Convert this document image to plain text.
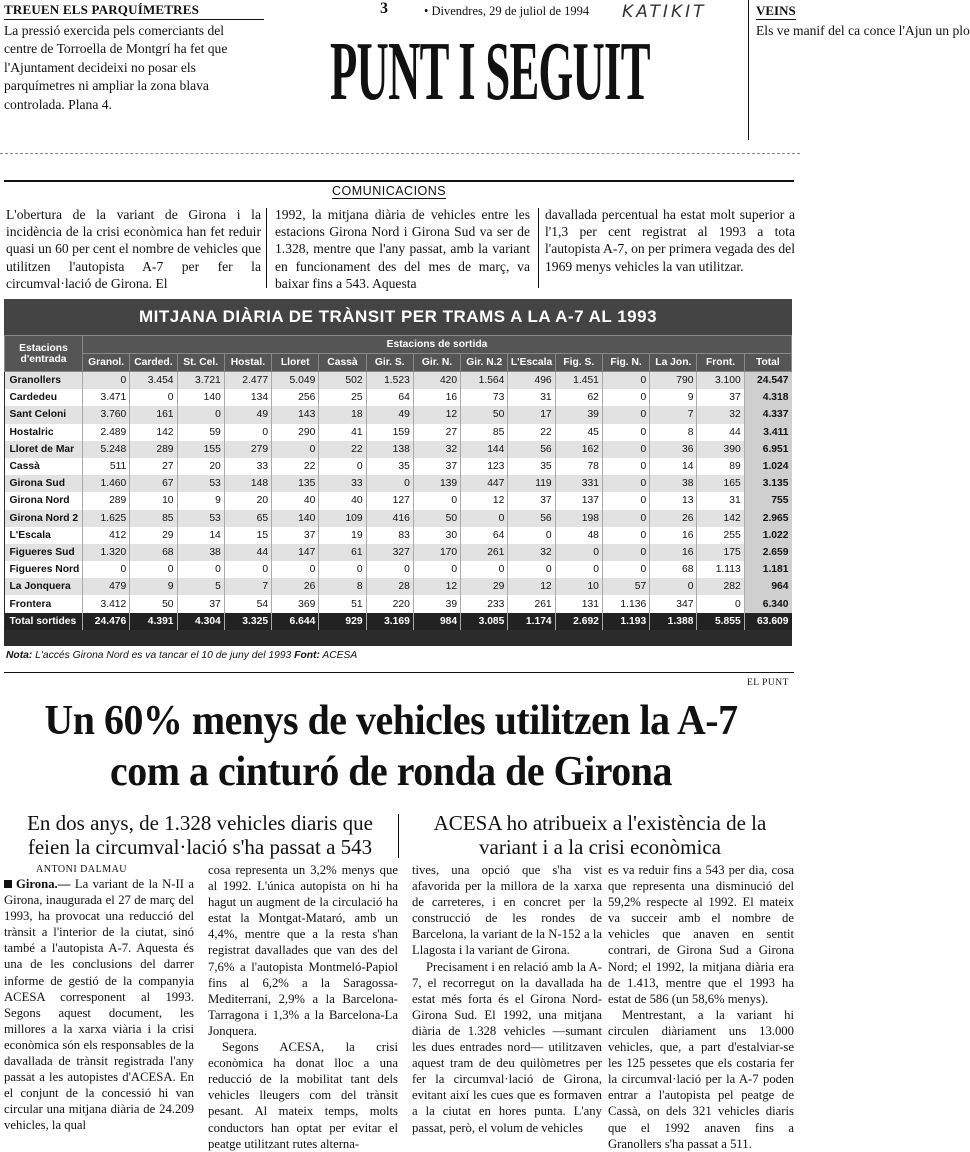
TREUEN ELS PARQUÍMETRES
La pressió exercida pels comerciants del centre de Torroella de Montgrí ha fet que l'Ajuntament decideixi no posar els parquímetres ni ampliar la zona blava controlada. Plana 4.
3	• Divendres, 29 de juliol de 1994 KATIKIT
PUNT I SEGUIT
VEINS
Els ve manif del ca conce l'Ajun un plo
COMUNICACIONS
L'obertura de la variant de Girona i la incidència de la crisi econòmica han fet reduir quasi un 60 per cent el nombre de vehicles que utilitzen l'autopista A-7 per fer la circumval·lació de Girona. El
1992, la mitjana diària de vehicles entre les estacions Girona Nord i Girona Sud va ser de 1.328, mentre que l'any passat, amb la variant en funcionament des del mes de març, va baixar fins a 543. Aquesta
davallada percentual ha estat molt superior a l'1,3 per cent registrat al 1993 a tota l'autopista A-7, on per primera vegada des del 1969 menys vehicles la van utilitzar.
MITJANA DIÀRIA DE TRÀNSIT PER TRAMS A LA A-7 AL 1993
Estacions d'entrada	Estacions de sortida														
	Granol.	Carded.	St. Cel.	Hostal.	Lloret	Cassà	Gir. S.	Gir. N.	Gir. N.2	L'Escala	Fig. S.	Fig. N.	La Jon.	Front.	Total
Granollers	0	3.454	3.721	2.477	5.049	502	1.523	420	1.564	496	1.451	0	790	3.100	24.547
Cardedeu	3.471	0	140	134	256	25	64	16	73	31	62	0	9	37	4.318
Sant Celoni	3.760	161	0	49	143	18	49	12	50	17	39	0	7	32	4.337
Hostalric	2.489	142	59	0	290	41	159	27	85	22	45	0	8	44	3.411
Lloret de Mar	5.248	289	155	279	0	22	138	32	144	56	162	0	36	390	6.951
Cassà	511	27	20	33	22	0	35	37	123	35	78	0	14	89	1.024
Girona Sud	1.460	67	53	148	135	33	0	139	447	119	331	0	38	165	3.135
Girona Nord	289	10	9	20	40	40	127	0	12	37	137	0	13	31	755
Girona Nord 2	1.625	85	53	65	140	109	416	50	0	56	198	0	26	142	2.965
L'Escala	412	29	14	15	37	19	83	30	64	0	48	0	16	255	1.022
Figueres Sud	1.320	68	38	44	147	61	327	170	261	32	0	0	16	175	2.659
Figueres Nord	0	0	0	0	0	0	0	0	0	0	0	0	68	1.113	1.181
La Jonquera	479	9	5	7	26	8	28	12	29	12	10	57	0	282	964
Frontera	3.412	50	37	54	369	51	220	39	233	261	131	1.136	347	0	6.340
Total sortides	24.476	4.391	4.304	3.325	6.644	929	3.169	984	3.085	1.174	2.692	1.193	1.388	5.855	63.609
Nota: L'accés Girona Nord es va tancar el 10 de juny del 1993 Font: ACESA
EL PUNT
Un 60% menys de vehicles utilitzen la A-7 com a cinturó de ronda de Girona
En dos anys, de 1.328 vehicles diaris que feien la circumval·lació s'ha passat a 543
ACESA ho atribueix a l'existència de la variant i a la crisi econòmica
ANTONI DALMAU

Girona.— La variant de la N-II a Girona, inaugurada el 27 de març del 1993, ha provocat una reducció del trànsit a l'interior de la ciutat, sinó també a l'autopista A-7. Aquesta és una de les conclusions del darrer informe de gestió de la companyia ACESA corresponent al 1993. Segons aquest document, les millores a la xarxa viària i la crisi econòmica són els responsables de la davallada de trànsit registrada l'any passat a les autopistes d'ACESA. En el conjunt de la concessió hi van circular una mitjana diària de 24.209 vehicles, la qual

cosa representa un 3,2% menys que al 1992. L'única autopista on hi ha hagut un augment de la circulació ha estat la Montgat-Mataró, amb un 4,4%, mentre que a la resta s'han registrat davallades que van des del 7,6% a l'autopista Montmeló-Papiol fins al 6,2% a la Saragossa-Mediterrani, 2,9% a la Barcelona-Tarragona i 1,3% a la Barcelona-La Jonquera.

Segons ACESA, la crisi econòmica ha donat lloc a una reducció de la mobilitat tant dels vehicles lleugers com del trànsit pesant. Al mateix temps, molts conductors han optat per evitar el peatge utilitzant rutes alterna-

tives, una opció que s'ha vist afavorida per la millora de la xarxa de carreteres, i en concret per la construcció de les rondes de Barcelona, la variant de la N-152 a la Llagosta i la variant de Girona.

Precisament i en relació amb la A-7, el recorregut on la davallada ha estat més forta és el Girona Nord-Girona Sud. El 1992, una mitjana diària de 1.328 vehicles —sumant les dues entrades nord— utilitzaven aquest tram de deu quilòmetres per fer la circumval·lació de Girona, evitant així les cues que es formaven a la ciutat en hores punta. L'any passat, però, el volum de vehicles

es va reduir fins a 543 per dia, cosa que representa una disminució del 59,2% respecte al 1992. El mateix va succeir amb el nombre de vehicles que anaven en sentit contrari, de Girona Sud a Girona Nord; el 1992, la mitjana diària era de 1.413, mentre que el 1993 ha estat de 586 (un 58,6% menys).

Mentrestant, a la variant hi circulen diàriament uns 13.000 vehicles, que, a part d'estalviar-se les 125 pessetes que els costaria fer la circumval·lació per la A-7 poden entrar a l'autopista pel peatge de Cassà, on dels 321 vehicles diaris que el 1992 anaven fins a Granollers s'ha passat a 511.
